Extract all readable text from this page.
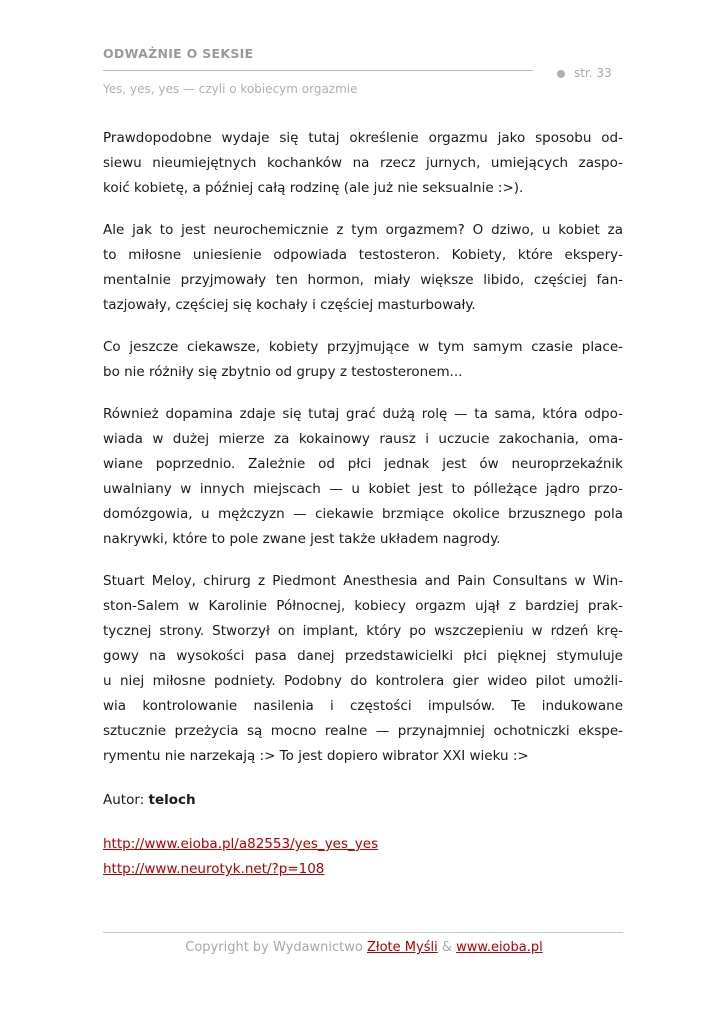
ODWAŻNIE O SEKSIE
str. 33
Yes, yes, yes — czyli o kobiecym orgazmie
Prawdopodobne wydaje się tutaj określenie orgazmu jako sposobu od-
siewu nieumiejętnych kochanków na rzecz jurnych, umiejących zaspo-
koić kobietę, a później całą rodzinę (ale już nie seksualnie :>).
Ale jak to jest neurochemicznie z tym orgazmem? O dziwo, u kobiet za
to miłosne uniesienie odpowiada testosteron. Kobiety, które eksperу-
mentalnie przyjmowały ten hormon, miały większe libido, częściej fan-
tazjowały, częściej się kochały i częściej masturbowały.
Co jeszcze ciekawsze, kobiety przyjmujące w tym samym czasie place-
bo nie różniły się zbytnio od grupy z testosteronem...
Również dopamina zdaje się tutaj grać dużą rolę — ta sama, która odpo-
wiada w dużej mierze za kokainowy rausz i uczucie zakochania, oma-
wiane poprzednio. Zależnie od płci jednak jest ów neuroprzekaźnik
uwalniany w innych miejscach — u kobiet jest to pólleżące jądro przo-
domózgowia, u mężczyzn — ciekawie brzmiące okolice brzusznego pola
nakrywki, które to pole zwane jest także układem nagrody.
Stuart Meloy, chirurg z Piedmont Anesthesia and Pain Consultans w Win-
ston-Salem w Karolinie Północnej, kobiecy orgazm ujął z bardziej prak-
tycznej strony. Stworzył on implant, który po wszczepieniu w rdzeń krę-
gowy na wysokości pasa danej przedstawicielki płci pięknej stymuluje
u niej miłosne podniety. Podobny do kontrolera gier wideo pilot umożli-
wia kontrolowanie nasilenia i częstości impulsów. Te indukowane
sztucznie przeżycia są mocno realne — przynajmniej ochotniczki ekspe-
rymentu nie narzekają :> To jest dopiero wibrator XXI wieku :>
Autor: teloch
http://www.eioba.pl/a82553/yes_yes_yes
http://www.neurotyk.net/?p=108
Copyright by Wydawnictwo Złote Myśli & www.eioba.pl
